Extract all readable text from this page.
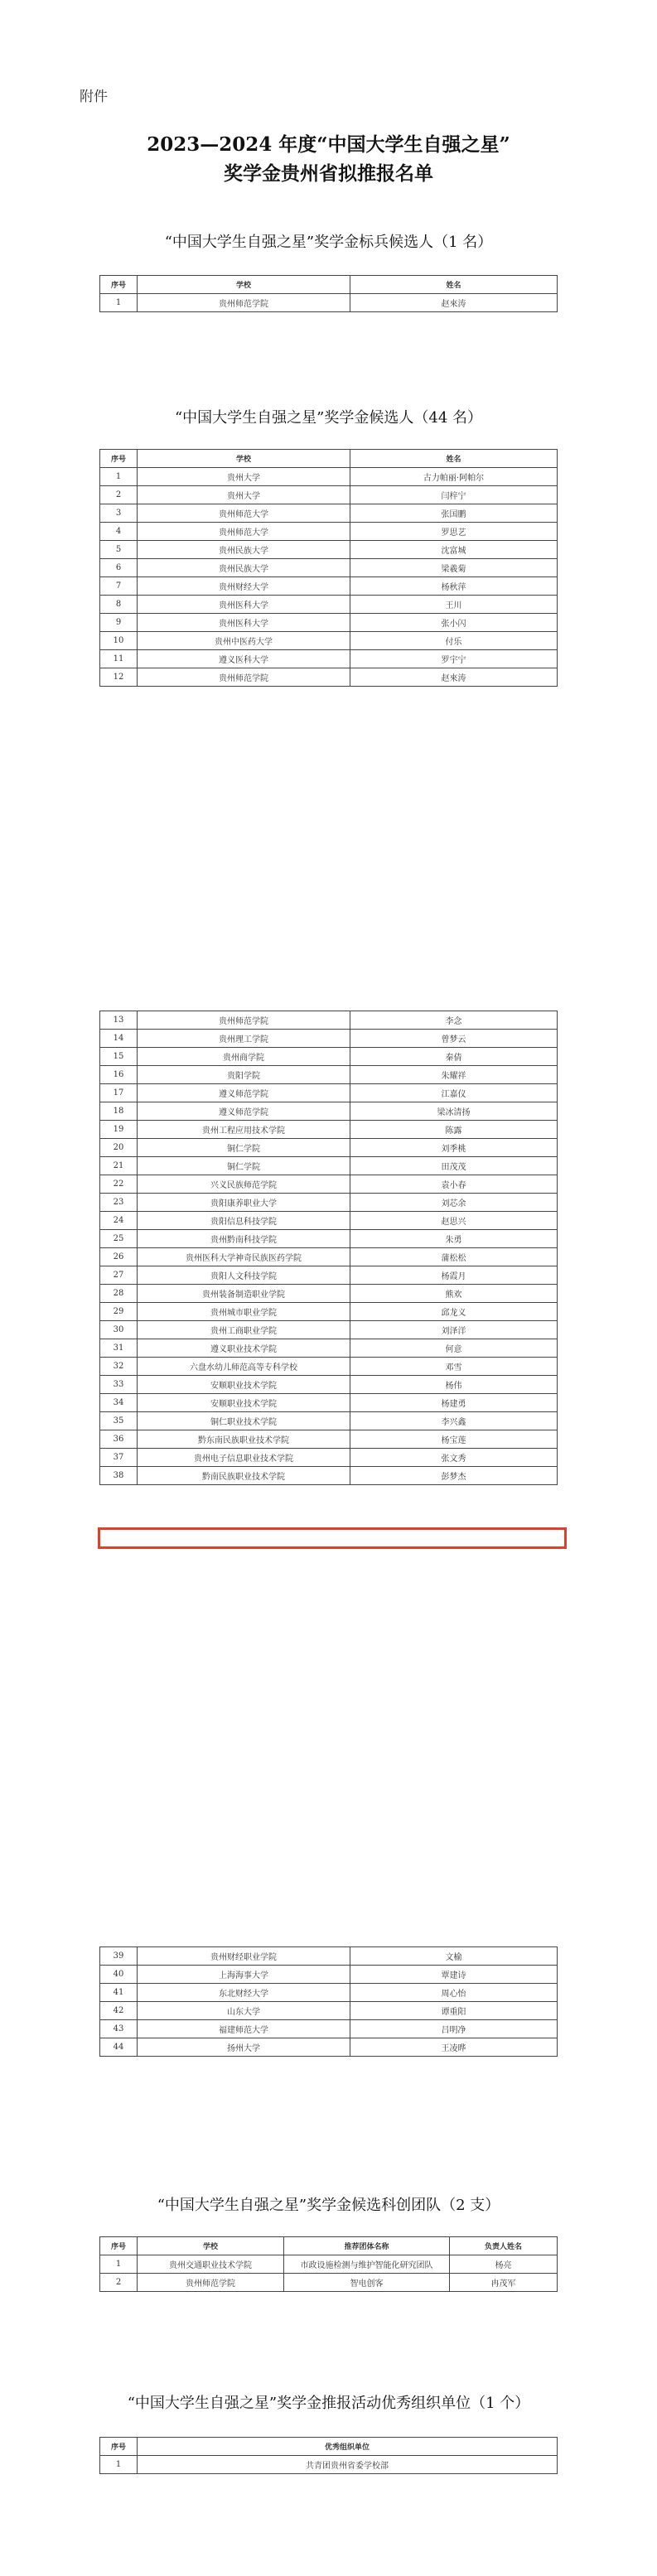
附件
2023—2024 年度“中国大学生自强之星”
奖学金贵州省拟推报名单
“中国大学生自强之星”奖学金标兵候选人（1 名）
序号	学校	姓名
1	贵州师范学院	赵來涛
“中国大学生自强之星”奖学金候选人（44 名）
序号	学校	姓名
1	贵州大学	古力帕丽·阿帕尔
2	贵州大学	闫梓宁
3	贵州师范大学	张国鹏
4	贵州师范大学	罗思艺
5	贵州民族大学	沈富城
6	贵州民族大学	梁羲菊
7	贵州财经大学	杨秋萍
8	贵州医科大学	王川
9	贵州医科大学	张小闪
10	贵州中医药大学	付乐
11	遵义医科大学	罗宇宁
12	贵州师范学院	赵來涛
13	贵州师范学院	李念
14	贵州理工学院	曾梦云
15	贵州商学院	秦倩
16	贵阳学院	朱耀祥
17	遵义师范学院	江嘉仪
18	遵义师范学院	梁冰清扬
19	贵州工程应用技术学院	陈露
20	铜仁学院	刘季桃
21	铜仁学院	田茂茂
22	兴义民族师范学院	袁小春
23	贵阳康养职业大学	刘芯余
24	贵阳信息科技学院	赵思兴
25	贵州黔南科技学院	朱勇
26	贵州医科大学神奇民族医药学院	蒲松松
27	贵阳人文科技学院	杨霞月
28	贵州装备制造职业学院	熊欢
29	贵州城市职业学院	邱龙义
30	贵州工商职业学院	刘泽洋
31	遵义职业技术学院	何意
32	六盘水幼儿师范高等专科学校	邓雪
33	安顺职业技术学院	杨伟
34	安顺职业技术学院	杨建勇
35	铜仁职业技术学院	李兴鑫
36	黔东南民族职业技术学院	杨宝莲
37	贵州电子信息职业技术学院	张文秀
38	黔南民族职业技术学院	彭梦杰
39	贵州财经职业学院	文榆
40	上海海事大学	覃建诗
41	东北财经大学	周心怡
42	山东大学	谭重阳
43	福建师范大学	吕明净
44	扬州大学	王凌晔
“中国大学生自强之星”奖学金候选科创团队（2 支）
序号	学校	推荐团体名称	负责人姓名
1	贵州交通职业技术学院	市政设施检测与维护智能化研究团队	杨亮
2	贵州师范学院	智电创客	冉茂军
“中国大学生自强之星”奖学金推报活动优秀组织单位（1 个）
序号	优秀组织单位
1	共青团贵州省委学校部
